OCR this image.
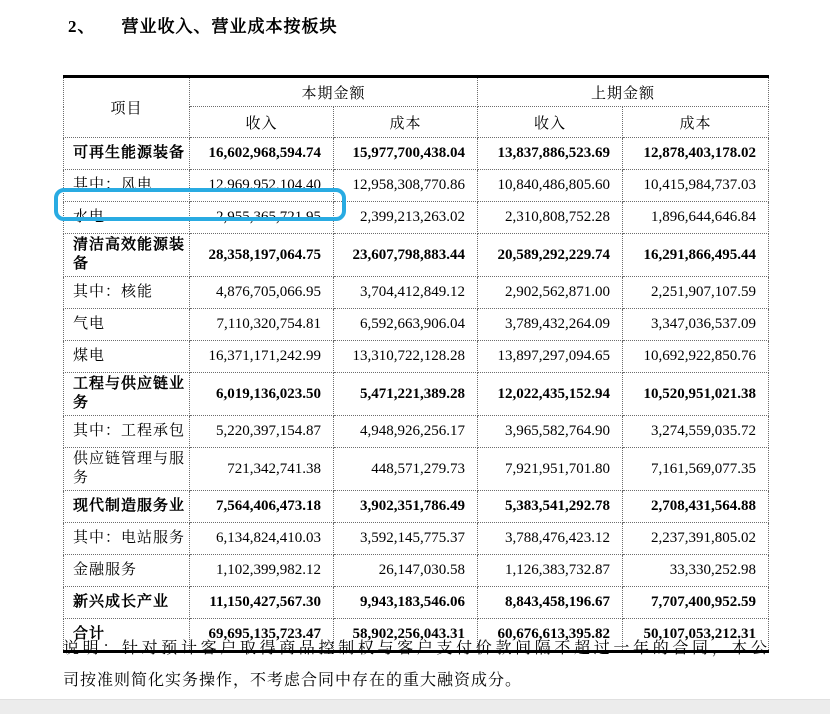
2、 营业收入、营业成本按板块
项目	本期金额		上期金额	
	收入	成本	收入	成本
可再生能源装备	16,602,968,594.74	15,977,700,438.04	13,837,886,523.69	12,878,403,178.02
其中：风电	12,969,952,104.40	12,958,308,770.86	10,840,486,805.60	10,415,984,737.03
水电	2,955,365,721.95	2,399,213,263.02	2,310,808,752.28	1,896,644,646.84
清洁高效能源装备	28,358,197,064.75	23,607,798,883.44	20,589,292,229.74	16,291,866,495.44
其中：核能	4,876,705,066.95	3,704,412,849.12	2,902,562,871.00	2,251,907,107.59
气电	7,110,320,754.81	6,592,663,906.04	3,789,432,264.09	3,347,036,537.09
煤电	16,371,171,242.99	13,310,722,128.28	13,897,297,094.65	10,692,922,850.76
工程与供应链业务	6,019,136,023.50	5,471,221,389.28	12,022,435,152.94	10,520,951,021.38
其中：工程承包	5,220,397,154.87	4,948,926,256.17	3,965,582,764.90	3,274,559,035.72
供应链管理与服务	721,342,741.38	448,571,279.73	7,921,951,701.80	7,161,569,077.35
现代制造服务业	7,564,406,473.18	3,902,351,786.49	5,383,541,292.78	2,708,431,564.88
其中：电站服务	6,134,824,410.03	3,592,145,775.37	3,788,476,423.12	2,237,391,805.02
金融服务	1,102,399,982.12	26,147,030.58	1,126,383,732.87	33,330,252.98
新兴成长产业	11,150,427,567.30	9,943,183,546.06	8,843,458,196.67	7,707,400,952.59
合计	69,695,135,723.47	58,902,256,043.31	60,676,613,395.82	50,107,053,212.31
说明：针对预计客户取得商品控制权与客户支付价款间隔不超过一年的合同，本公
司按准则简化实务操作，不考虑合同中存在的重大融资成分。
